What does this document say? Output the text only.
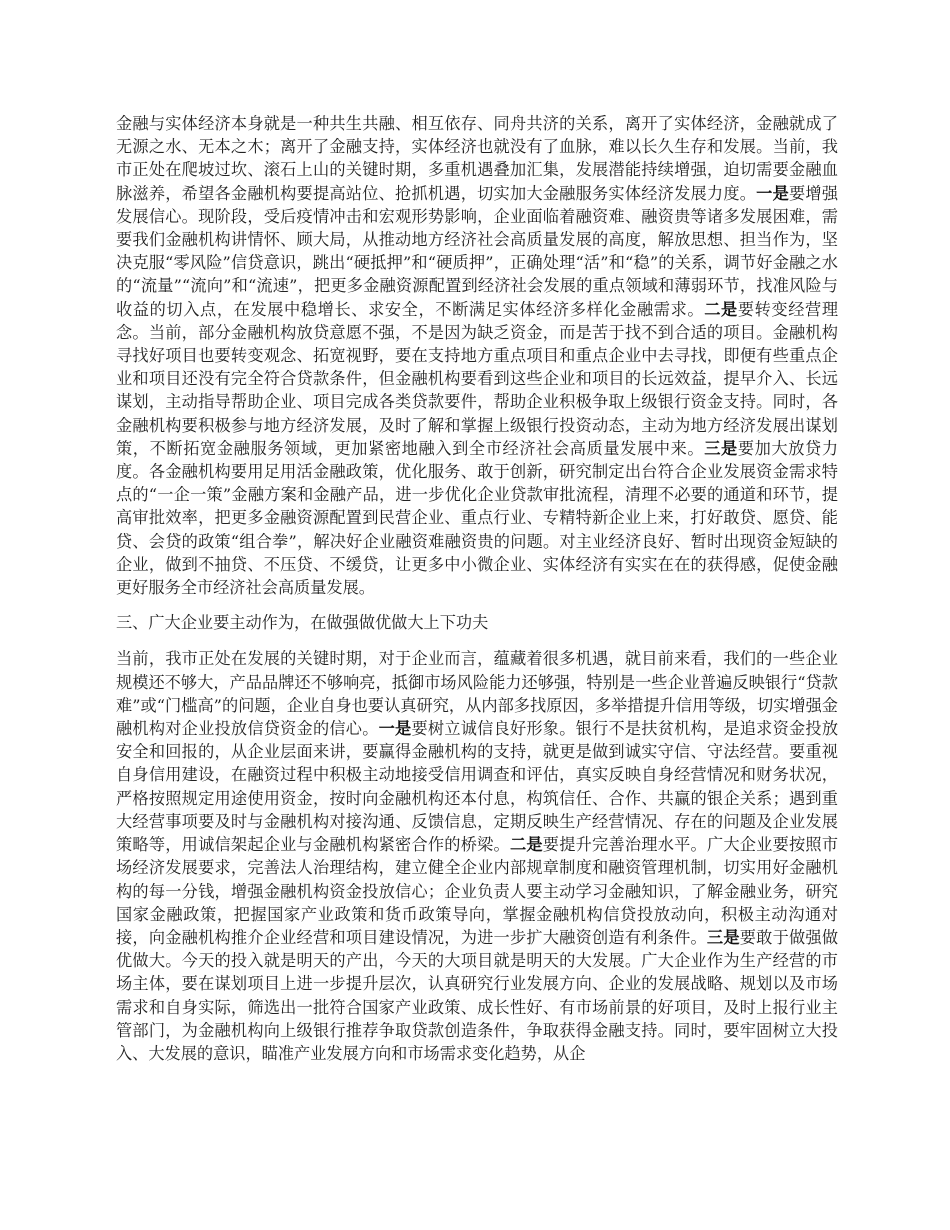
金融与实体经济本身就是一种共生共融、相互依存、同舟共济的关系，离开了实体经济，金融就成了无源之水、无本之木；离开了金融支持，实体经济也就没有了血脉，难以长久生存和发展。当前，我市正处在爬坡过坎、滚石上山的关键时期，多重机遇叠加汇集，发展潜能持续增强，迫切需要金融血脉滋养，希望各金融机构要提高站位、抢抓机遇，切实加大金融服务实体经济发展力度。一是要增强发展信心。现阶段，受后疫情冲击和宏观形势影响，企业面临着融资难、融资贵等诸多发展困难，需要我们金融机构讲情怀、顾大局，从推动地方经济社会高质量发展的高度，解放思想、担当作为，坚决克服“零风险”信贷意识，跳出“硬抵押”和“硬质押”，正确处理“活”和“稳”的关系，调节好金融之水的“流量”“流向”和“流速”，把更多金融资源配置到经济社会发展的重点领域和薄弱环节，找准风险与收益的切入点，在发展中稳增长、求安全，不断满足实体经济多样化金融需求。二是要转变经营理念。当前，部分金融机构放贷意愿不强，不是因为缺乏资金，而是苦于找不到合适的项目。金融机构寻找好项目也要转变观念、拓宽视野，要在支持地方重点项目和重点企业中去寻找，即便有些重点企业和项目还没有完全符合贷款条件，但金融机构要看到这些企业和项目的长远效益，提早介入、长远谋划，主动指导帮助企业、项目完成各类贷款要件，帮助企业积极争取上级银行资金支持。同时，各金融机构要积极参与地方经济发展，及时了解和掌握上级银行投资动态，主动为地方经济发展出谋划策，不断拓宽金融服务领域，更加紧密地融入到全市经济社会高质量发展中来。三是要加大放贷力度。各金融机构要用足用活金融政策，优化服务、敢于创新，研究制定出台符合企业发展资金需求特点的“一企一策”金融方案和金融产品，进一步优化企业贷款审批流程，清理不必要的通道和环节，提高审批效率，把更多金融资源配置到民营企业、重点行业、专精特新企业上来，打好敢贷、愿贷、能贷、会贷的政策“组合拳”，解决好企业融资难融资贵的问题。对主业经济良好、暂时出现资金短缺的企业，做到不抽贷、不压贷、不缓贷，让更多中小微企业、实体经济有实实在在的获得感，促使金融更好服务全市经济社会高质量发展。

三、广大企业要主动作为，在做强做优做大上下功夫

当前，我市正处在发展的关键时期，对于企业而言，蕴藏着很多机遇，就目前来看，我们的一些企业规模还不够大，产品品牌还不够响亮，抵御市场风险能力还够强，特别是一些企业普遍反映银行“贷款难”或“门槛高”的问题，企业自身也要认真研究，从内部多找原因，多举措提升信用等级，切实增强金融机构对企业投放信贷资金的信心。一是要树立诚信良好形象。银行不是扶贫机构，是追求资金投放安全和回报的，从企业层面来讲，要赢得金融机构的支持，就更是做到诚实守信、守法经营。要重视自身信用建设，在融资过程中积极主动地接受信用调查和评估，真实反映自身经营情况和财务状况，严格按照规定用途使用资金，按时向金融机构还本付息，构筑信任、合作、共赢的银企关系；遇到重大经营事项要及时与金融机构对接沟通、反馈信息，定期反映生产经营情况、存在的问题及企业发展策略等，用诚信架起企业与金融机构紧密合作的桥梁。二是要提升完善治理水平。广大企业要按照市场经济发展要求，完善法人治理结构，建立健全企业内部规章制度和融资管理机制，切实用好金融机构的每一分钱，增强金融机构资金投放信心；企业负责人要主动学习金融知识，了解金融业务，研究国家金融政策，把握国家产业政策和货币政策导向，掌握金融机构信贷投放动向，积极主动沟通对接，向金融机构推介企业经营和项目建设情况，为进一步扩大融资创造有利条件。三是要敢于做强做优做大。今天的投入就是明天的产出，今天的大项目就是明天的大发展。广大企业作为生产经营的市场主体，要在谋划项目上进一步提升层次，认真研究行业发展方向、企业的发展战略、规划以及市场需求和自身实际，筛选出一批符合国家产业政策、成长性好、有市场前景的好项目，及时上报行业主管部门，为金融机构向上级银行推荐争取贷款创造条件，争取获得金融支持。同时，要牢固树立大投入、大发展的意识，瞄准产业发展方向和市场需求变化趋势，从企
